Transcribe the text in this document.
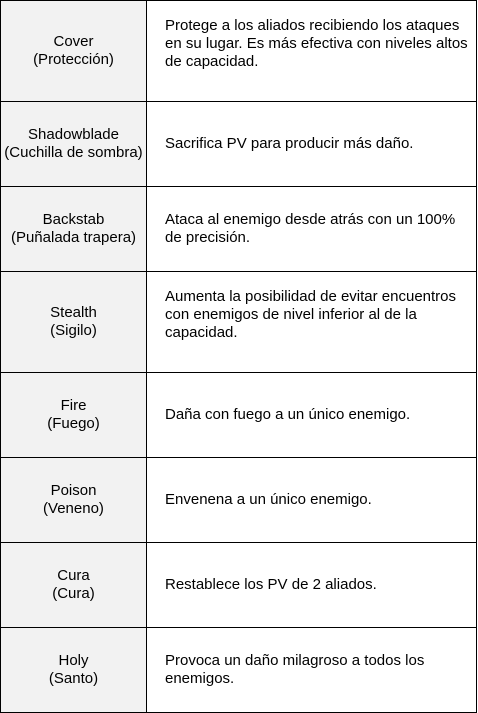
Cover
(Protección)	Protege a los aliados recibiendo los ataques en su lugar. Es más efectiva con niveles altos de capacidad.

Shadowblade
(Cuchilla de sombra)	Sacrifica PV para producir más daño.

Backstab
(Puñalada trapera)	Ataca al enemigo desde atrás con un 100% de precisión.

Stealth
(Sigilo)	Aumenta la posibilidad de evitar encuentros con enemigos de nivel inferior al de la capacidad.

Fire
(Fuego)	Daña con fuego a un único enemigo.

Poison
(Veneno)	Envenena a un único enemigo.

Cura
(Cura)	Restablece los PV de 2 aliados.

Holy
(Santo)	Provoca un daño milagroso a todos los enemigos.
